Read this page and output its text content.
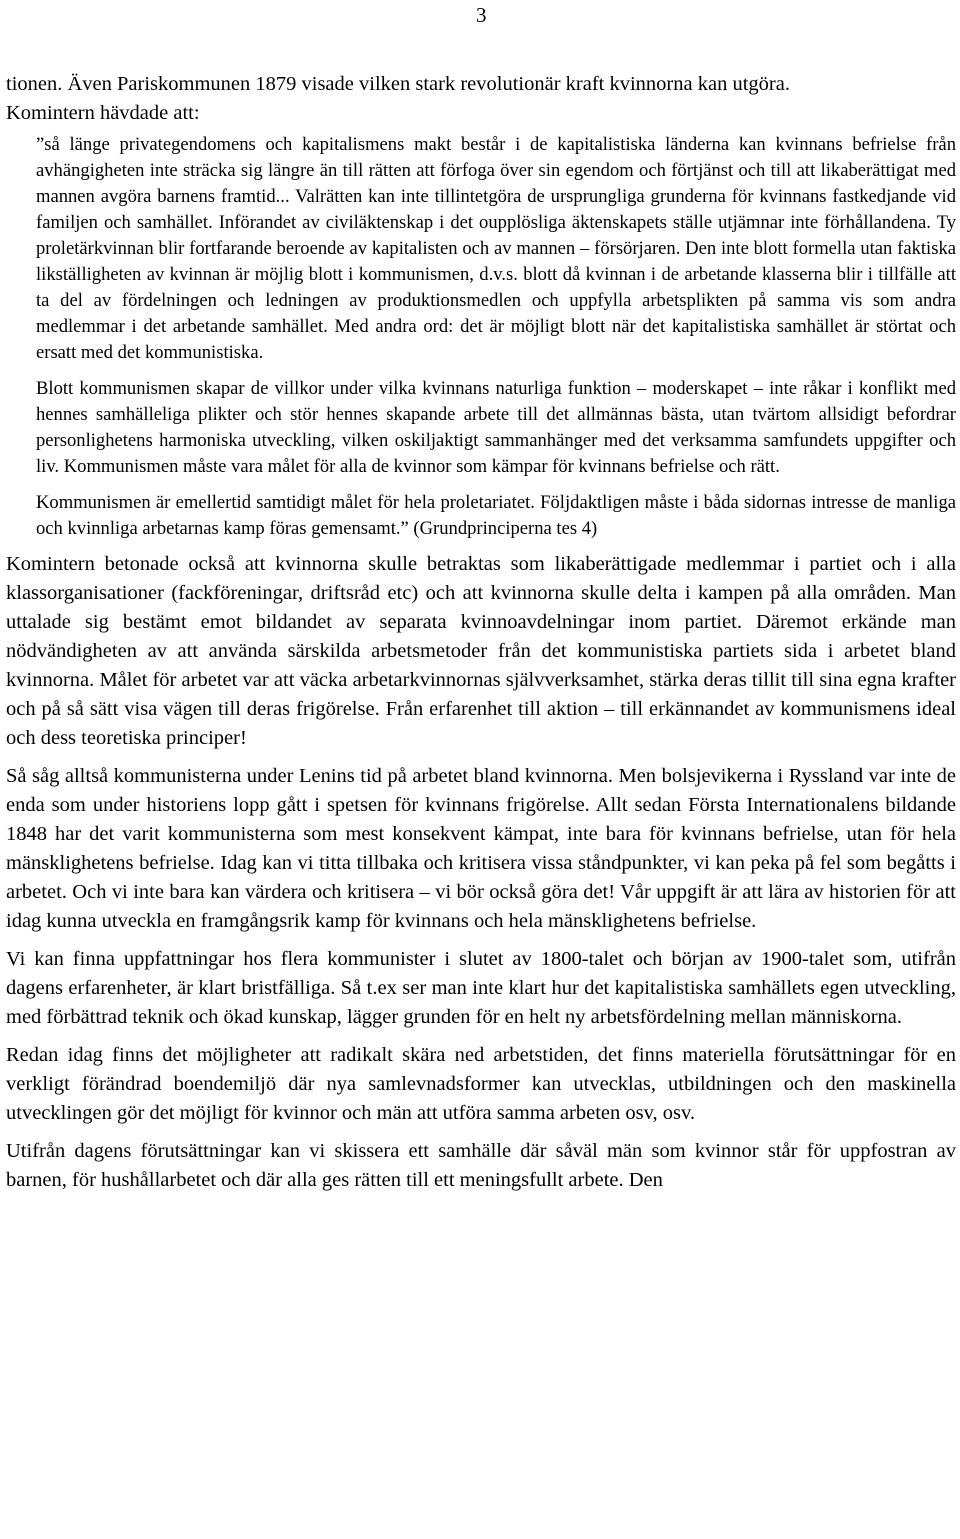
3

tionen. Även Pariskommunen 1879 visade vilken stark revolutionär kraft kvinnorna kan utgöra.

Komintern hävdade att:

”så länge privategendomens och kapitalismens makt består i de kapitalistiska länderna kan kvinnans befrielse från avhängigheten inte sträcka sig längre än till rätten att förfoga över sin egendom och förtjänst och till att likaberättigat med mannen avgöra barnens framtid... Valrätten kan inte tillintetgöra de ursprungliga grunderna för kvinnans fastkedjande vid familjen och samhället. Införandet av civiläktenskap i det oupplösliga äktenskapets ställe utjämnar inte förhållandena. Ty proletärkvinnan blir fortfarande beroende av kapitalisten och av mannen – försörjaren. Den inte blott formella utan faktiska likställigheten av kvinnan är möjlig blott i kommunismen, d.v.s. blott då kvinnan i de arbetande klasserna blir i tillfälle att ta del av fördelningen och ledningen av produktionsmedlen och uppfylla arbetsplikten på samma vis som andra medlemmar i det arbetande samhället. Med andra ord: det är möjligt blott när det kapitalistiska samhället är störtat och ersatt med det kommunistiska.

Blott kommunismen skapar de villkor under vilka kvinnans naturliga funktion – moderskapet – inte råkar i konflikt med hennes samhälleliga plikter och stör hennes skapande arbete till det allmännas bästa, utan tvärtom allsidigt befordrar personlighetens harmoniska utveckling, vilken oskiljaktigt sammanhänger med det verksamma samfundets uppgifter och liv. Kommunismen måste vara målet för alla de kvinnor som kämpar för kvinnans befrielse och rätt.

Kommunismen är emellertid samtidigt målet för hela proletariatet. Följdaktligen måste i båda sidornas intresse de manliga och kvinnliga arbetarnas kamp föras gemensamt.” (Grundprinciperna tes 4)

Komintern betonade också att kvinnorna skulle betraktas som likaberättigade medlemmar i partiet och i alla klassorganisationer (fackföreningar, driftsråd etc) och att kvinnorna skulle delta i kampen på alla områden. Man uttalade sig bestämt emot bildandet av separata kvinnoavdelningar inom partiet. Däremot erkände man nödvändigheten av att använda särskilda arbetsmetoder från det kommunistiska partiets sida i arbetet bland kvinnorna. Målet för arbetet var att väcka arbetarkvinnornas självverksamhet, stärka deras tillit till sina egna krafter och på så sätt visa vägen till deras frigörelse. Från erfarenhet till aktion – till erkännandet av kommunismens ideal och dess teoretiska principer!

Så såg alltså kommunisterna under Lenins tid på arbetet bland kvinnorna. Men bolsjevikerna i Ryssland var inte de enda som under historiens lopp gått i spetsen för kvinnans frigörelse. Allt sedan Första Internationalens bildande 1848 har det varit kommunisterna som mest konsekvent kämpat, inte bara för kvinnans befrielse, utan för hela mänsklighetens befrielse. Idag kan vi titta tillbaka och kritisera vissa ståndpunkter, vi kan peka på fel som begåtts i arbetet. Och vi inte bara kan värdera och kritisera – vi bör också göra det! Vår uppgift är att lära av historien för att idag kunna utveckla en framgångsrik kamp för kvinnans och hela mänsklighetens befrielse.

Vi kan finna uppfattningar hos flera kommunister i slutet av 1800-talet och början av 1900-talet som, utifrån dagens erfarenheter, är klart bristfälliga. Så t.ex ser man inte klart hur det kapitalistiska samhällets egen utveckling, med förbättrad teknik och ökad kunskap, lägger grunden för en helt ny arbetsfördelning mellan människorna.

Redan idag finns det möjligheter att radikalt skära ned arbetstiden, det finns materiella förutsättningar för en verkligt förändrad boendemiljö där nya samlevnadsformer kan utvecklas, utbildningen och den maskinella utvecklingen gör det möjligt för kvinnor och män att utföra samma arbeten osv, osv.

Utifrån dagens förutsättningar kan vi skissera ett samhälle där såväl män som kvinnor står för uppfostran av barnen, för hushållarbetet och där alla ges rätten till ett meningsfullt arbete. Den
